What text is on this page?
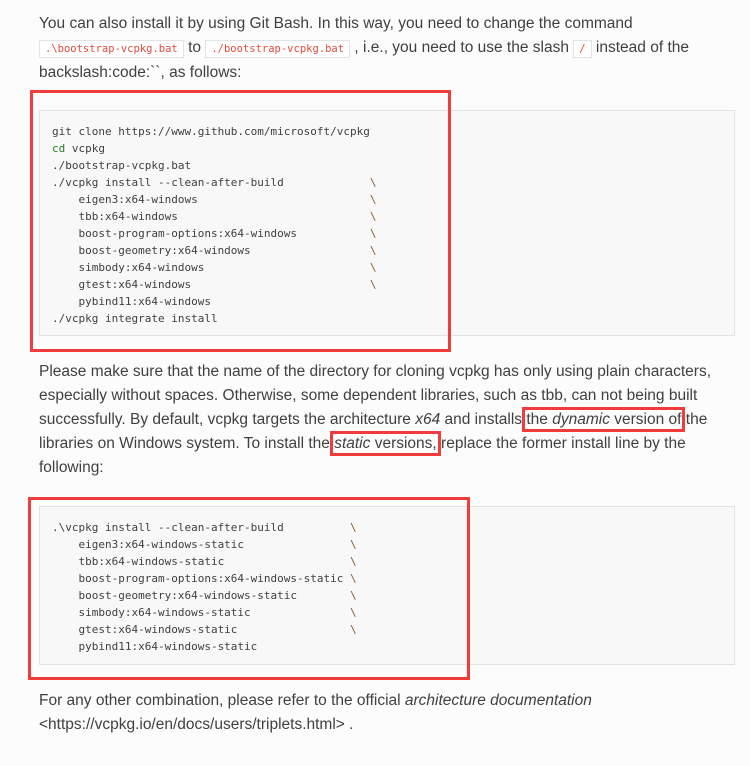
You can also install it by using Git Bash. In this way, you need to change the command
.\bootstrap-vcpkg.bat to ./bootstrap-vcpkg.bat , i.e., you need to use the slash / instead of the backslash:code:``, as follows:

git clone https://www.github.com/microsoft/vcpkg
cd vcpkg
./bootstrap-vcpkg.bat
./vcpkg install --clean-after-build             \
eigen3:x64-windows                          \
tbb:x64-windows                             \
boost-program-options:x64-windows           \
boost-geometry:x64-windows                  \
simbody:x64-windows                         \
gtest:x64-windows                           \
pybind11:x64-windows
./vcpkg integrate install

Please make sure that the name of the directory for cloning vcpkg has only using plain characters, especially without spaces. Otherwise, some dependent libraries, such as tbb, can not being built successfully. By default, vcpkg targets the architecture x64 and installs the dynamic version of the libraries on Windows system. To install the static versions, replace the former install line by the following:

.\vcpkg install --clean-after-build          \
eigen3:x64-windows-static                \
tbb:x64-windows-static                   \
boost-program-options:x64-windows-static \
boost-geometry:x64-windows-static        \
simbody:x64-windows-static               \
gtest:x64-windows-static                 \
pybind11:x64-windows-static

For any other combination, please refer to the official architecture documentation
<https://vcpkg.io/en/docs/users/triplets.html> .
